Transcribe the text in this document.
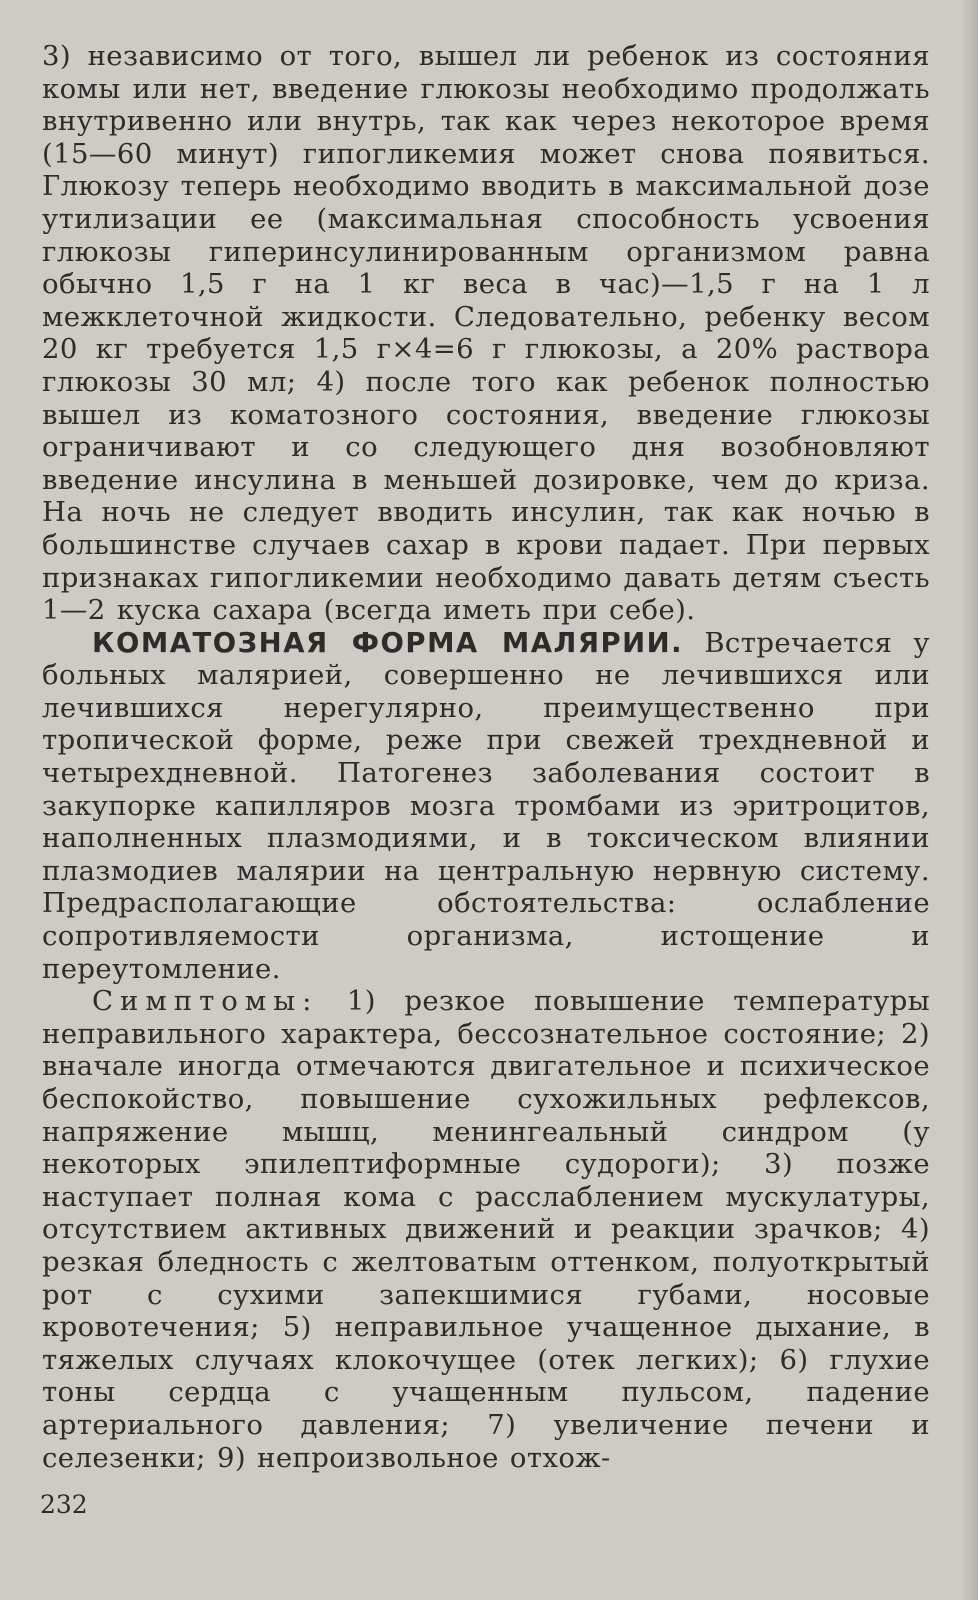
3) независимо от того, вышел ли ребенок из состояния комы или нет, введение глюкозы необходимо продолжать внутривенно или внутрь, так как через некоторое время (15—60 минут) гипогликемия может снова появиться. Глюкозу теперь необходимо вводить в максимальной дозе утилизации ее (максимальная способность усвоения глюкозы гиперинсулинированным организмом равна обычно 1,5 г на 1 кг веса в час)—1,5 г на 1 л межклеточной жидкости. Следовательно, ребенку весом 20 кг требуется 1,5 г×4=6 г глюкозы, а 20% раствора глюкозы 30 мл; 4) после того как ребенок полностью вышел из коматозного состояния, введение глюкозы ограничивают и со следующего дня возобновляют введение инсулина в меньшей дозировке, чем до криза. На ночь не следует вводить инсулин, так как ночью в большинстве случаев сахар в крови падает. При первых признаках гипогликемии необходимо давать детям съесть 1—2 куска сахара (всегда иметь при себе).

КОМАТОЗНАЯ ФОРМА МАЛЯРИИ. Встречается у больных малярией, совершенно не лечившихся или лечившихся нерегулярно, преимущественно при тропической форме, реже при свежей трехдневной и четырехдневной. Патогенез заболевания состоит в закупорке капилляров мозга тромбами из эритроцитов, наполненных плазмодиями, и в токсическом влиянии плазмодиев малярии на центральную нервную систему. Предрасполагающие обстоятельства: ослабление сопротивляемости организма, истощение и переутомление.

Симптомы: 1) резкое повышение температуры неправильного характера, бессознательное состояние; 2) вначале иногда отмечаются двигательное и психическое беспокойство, повышение сухожильных рефлексов, напряжение мышц, менингеальный синдром (у некоторых эпилептиформные судороги); 3) позже наступает полная кома с расслаблением мускулатуры, отсутствием активных движений и реакции зрачков; 4) резкая бледность с желтоватым оттенком, полуоткрытый рот с сухими запекшимися губами, носовые кровотечения; 5) неправильное учащенное дыхание, в тяжелых случаях клокочущее (отек легких); 6) глухие тоны сердца с учащенным пульсом, падение артериального давления; 7) увеличение печени и селезенки; 9) непроизвольное отхож-

232
